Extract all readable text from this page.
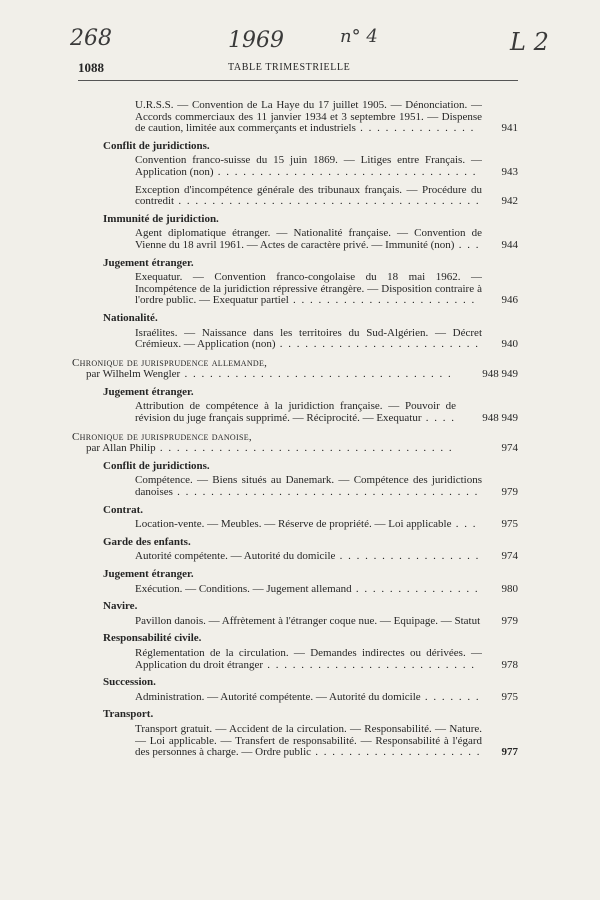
268	1969	n° 4	L 2
1088	TABLE TRIMESTRIELLE
U.R.S.S. — Convention de La Haye du 17 juillet 1905. — Dénonciation. — Accords commerciaux des 11 janvier 1934 et 3 septembre 1951. — Dispense de caution, limitée aux commerçants et industriels . . . . . . . . . . . . . .	941
Conflit de juridictions.
Convention franco-suisse du 15 juin 1869. — Litiges entre Français. — Application (non) . . . . . . . . . . . . . . . . . . . . . . . . . . . . . . .	943
Exception d'incompétence générale des tribunaux français. — Procédure du contredit . . . . . . . . . . . . . . . . . . . . . . . . . . . . . . . . . . . . 942
Immunité de juridiction.
Agent diplomatique étranger. — Nationalité française. — Convention de Vienne du 18 avril 1961. — Actes de caractère privé. — Immunité (non) . . . 944
Jugement étranger.
Exequatur. — Convention franco-congolaise du 18 mai 1962. — Incompétence de la juridiction répressive étrangère. — Disposition contraire à l'ordre public. — Exequatur partiel . . . . . . . . . . . . . . . . . . . . . .	946
Nationalité.
Israélites. — Naissance dans les territoires du Sud-Algérien. — Décret Crémieux. — Application (non) . . . . . . . . . . . . . . . . . . . . . . . . 940
Chronique de jurisprudence allemande,
par Wilhelm Wengler . . . . . . . . . . . . . . . . . . . . . . . . . . . . . . . .	948 949
Jugement étranger.
Attribution de compétence à la juridiction française. — Pouvoir de révision du juge français supprimé. — Réciprocité. — Exequatur . . . . 948 949
Chronique de jurisprudence danoise,
par Allan Philip . . . . . . . . . . . . . . . . . . . . . . . . . . . . . . . . . . .	974
Conflit de juridictions.
Compétence. — Biens situés au Danemark. — Compétence des juridictions danoises . . . . . . . . . . . . . . . . . . . . . . . . . . . . . . . . . . . . 979
Contrat.
Location-vente. — Meubles. — Réserve de propriété. — Loi applicable . . .	975
Garde des enfants.
Autorité compétente. — Autorité du domicile . . . . . . . . . . . . . . . . . 974
Jugement étranger.
Exécution. — Conditions. — Jugement allemand . . . . . . . . . . . . . . . 980
Navire.
Pavillon danois. — Affrètement à l'étranger coque nue. — Equipage. — Statut 979
Responsabilité civile.
Réglementation de la circulation. — Demandes indirectes ou dérivées. — Application du droit étranger . . . . . . . . . . . . . . . . . . . . . . . . .	978
Succession.
Administration. — Autorité compétente. — Autorité du domicile . . . . . . . 975
Transport.
Transport gratuit. — Accident de la circulation. — Responsabilité. — Nature. — Loi applicable. — Transfert de responsabilité. — Responsabilité à l'égard des personnes à charge. — Ordre public . . . . . . . . . . . . . . . . . . . . 977
